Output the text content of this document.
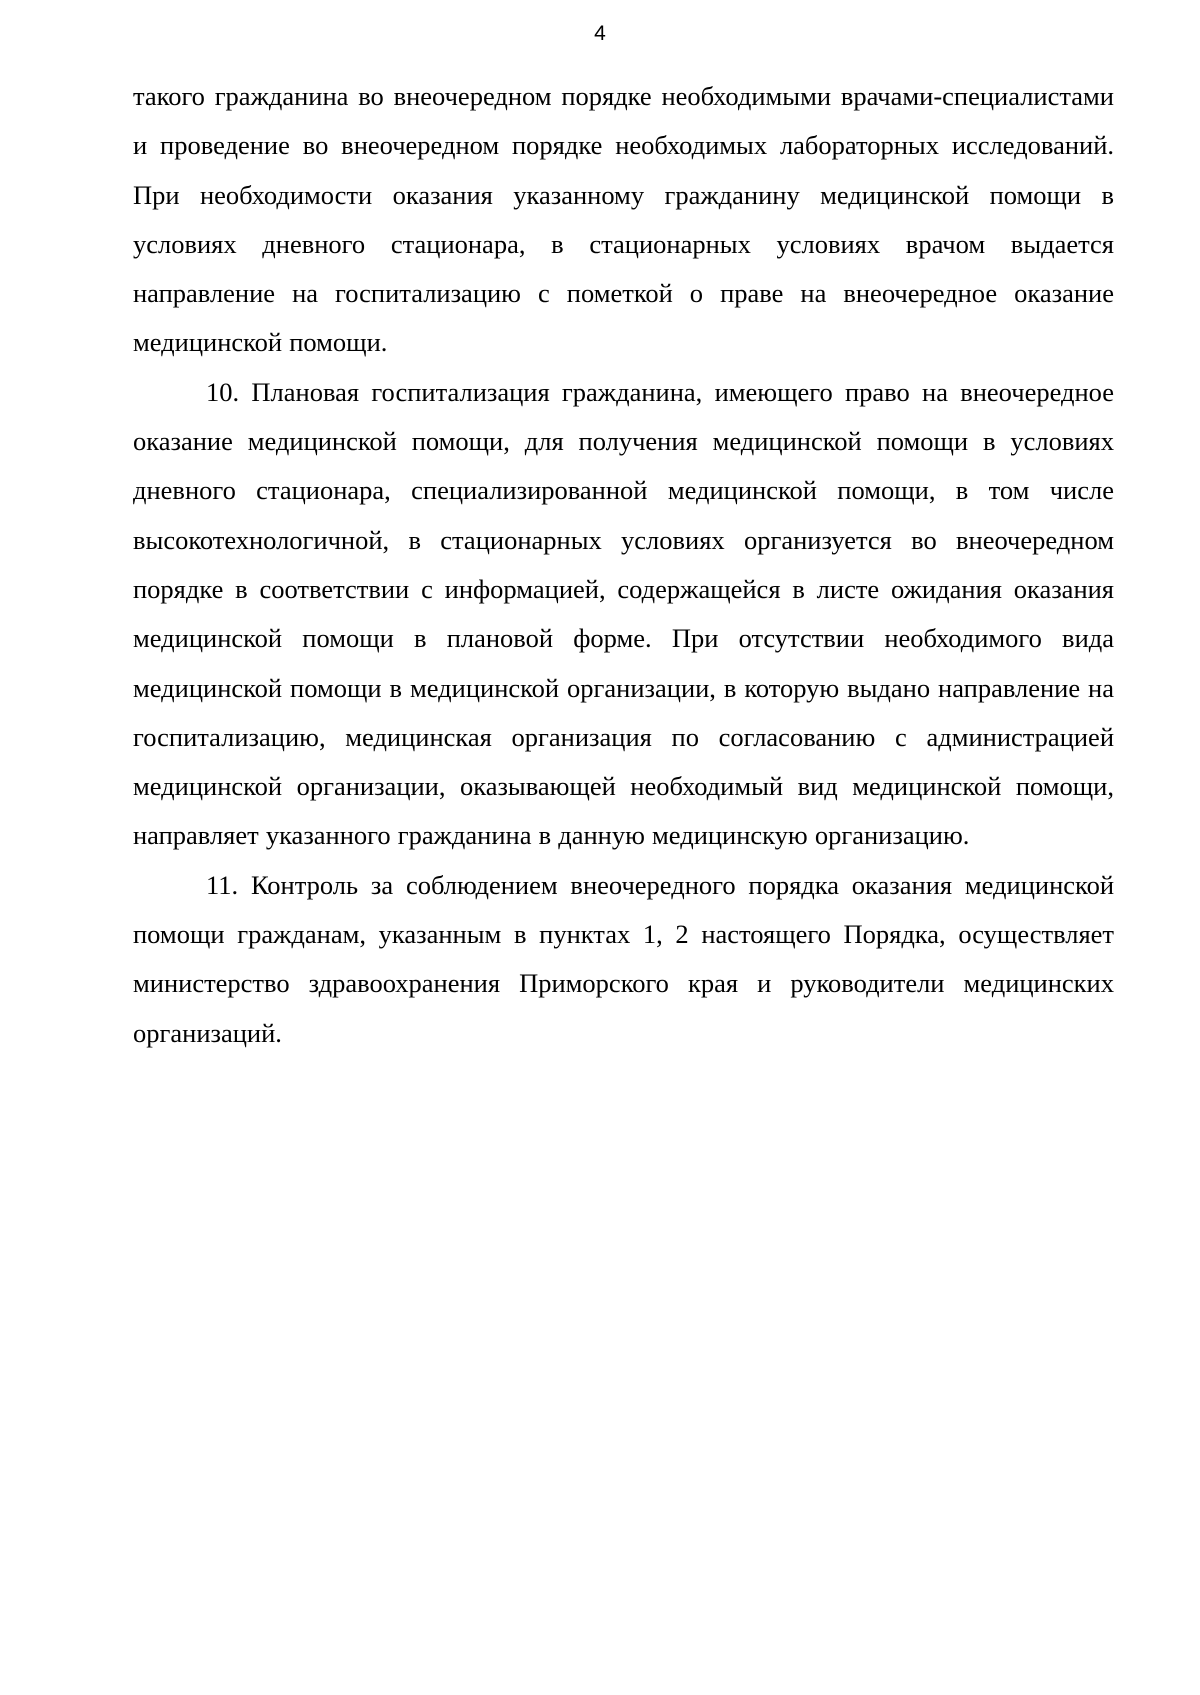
4

такого гражданина во внеочередном порядке необходимыми врачами-специалистами и проведение во внеочередном порядке необходимых лабораторных исследований. При необходимости оказания указанному гражданину медицинской помощи в условиях дневного стационара, в стационарных условиях врачом выдается направление на госпитализацию с пометкой о праве на внеочередное оказание медицинской помощи.

10. Плановая госпитализация гражданина, имеющего право на внеочередное оказание медицинской помощи, для получения медицинской помощи в условиях дневного стационара, специализированной медицинской помощи, в том числе высокотехнологичной, в стационарных условиях организуется во внеочередном порядке в соответствии с информацией, содержащейся в листе ожидания оказания медицинской помощи в плановой форме. При отсутствии необходимого вида медицинской помощи в медицинской организации, в которую выдано направление на госпитализацию, медицинская организация по согласованию с администрацией медицинской организации, оказывающей необходимый вид медицинской помощи, направляет указанного гражданина в данную медицинскую организацию.

11. Контроль за соблюдением внеочередного порядка оказания медицинской помощи гражданам, указанным в пунктах 1, 2 настоящего Порядка, осуществляет министерство здравоохранения Приморского края и руководители медицинских организаций.
